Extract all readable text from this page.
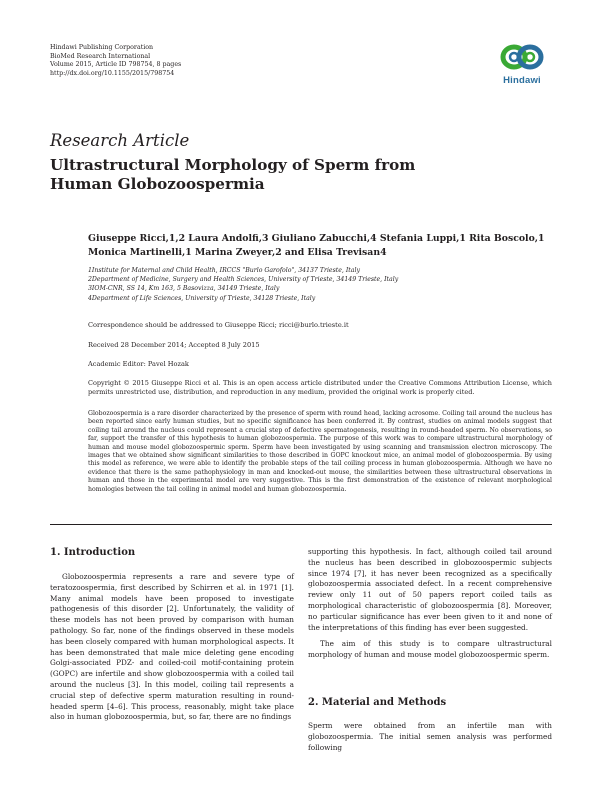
Hindawi Publishing Corporation
BioMed Research International
Volume 2015, Article ID 798754, 8 pages
http://dx.doi.org/10.1155/2015/798754
Hindawi
Research Article
Ultrastructural Morphology of Sperm from
Human Globozoospermia
Giuseppe Ricci,1,2 Laura Andolfi,3 Giuliano Zabucchi,4 Stefania Luppi,1 Rita Boscolo,1
Monica Martinelli,1 Marina Zweyer,2 and Elisa Trevisan4
1Institute for Maternal and Child Health, IRCCS "Burlo Garofolo", 34137 Trieste, Italy
2Department of Medicine, Surgery and Health Sciences, University of Trieste, 34149 Trieste, Italy
3IOM-CNR, SS 14, Km 163, 5 Basovizza, 34149 Trieste, Italy
4Department of Life Sciences, University of Trieste, 34128 Trieste, Italy
Correspondence should be addressed to Giuseppe Ricci; ricci@burlo.trieste.it
Received 28 December 2014; Accepted 8 July 2015
Academic Editor: Pavel Hozak
Copyright © 2015 Giuseppe Ricci et al. This is an open access article distributed under the Creative Commons Attribution License, which permits unrestricted use, distribution, and reproduction in any medium, provided the original work is properly cited.
Globozoospermia is a rare disorder characterized by the presence of sperm with round head, lacking acrosome. Coiling tail around the nucleus has been reported since early human studies, but no specific significance has been conferred it. By contrast, studies on animal models suggest that coiling tail around the nucleus could represent a crucial step of defective spermatogenesis, resulting in round-headed sperm. No observations, so far, support the transfer of this hypothesis to human globozoospermia. The purpose of this work was to compare ultrastructural morphology of human and mouse model globozoospermic sperm. Sperm have been investigated by using scanning and transmission electron microscopy. The images that we obtained show significant similarities to those described in GOPC knockout mice, an animal model of globozoospermia. By using this model as reference, we were able to identify the probable steps of the tail coiling process in human globozoospermia. Although we have no evidence that there is the same pathophysiology in man and knocked-out mouse, the similarities between these ultrastructural observations in human and those in the experimental model are very suggestive. This is the first demonstration of the existence of relevant morphological homologies between the tail coiling in animal model and human globozoospermia.
1. Introduction

Globozoospermia represents a rare and severe type of teratozoospermia, first described by Schirren et al. in 1971 [1]. Many animal models have been proposed to investigate pathogenesis of this disorder [2]. Unfortunately, the validity of these models has not been proved by comparison with human pathology. So far, none of the findings observed in these models has been closely compared with human morphological aspects. It has been demonstrated that male mice deleting gene encoding Golgi-associated PDZ- and coiled-coil motif-containing protein (GOPC) are infertile and show globozoospermia with a coiled tail around the nucleus [3]. In this model, coiling tail represents a crucial step of defective sperm maturation resulting in round-headed sperm [4–6]. This process, reasonably, might take place also in human globozoospermia, but, so far, there are no findings

supporting this hypothesis. In fact, although coiled tail around the nucleus has been described in globozoospermic subjects since 1974 [7], it has never been recognized as a specifically globozoospermia associated defect. In a recent comprehensive review only 11 out of 50 papers report coiled tails as morphological characteristic of globozoospermia [8]. Moreover, no particular significance has ever been given to it and none of the interpretations of this finding has ever been suggested.

The aim of this study is to compare ultrastructural morphology of human and mouse model globozoospermic sperm.

2. Material and Methods

Sperm were obtained from an infertile man with globozoospermia. The initial semen analysis was performed following
